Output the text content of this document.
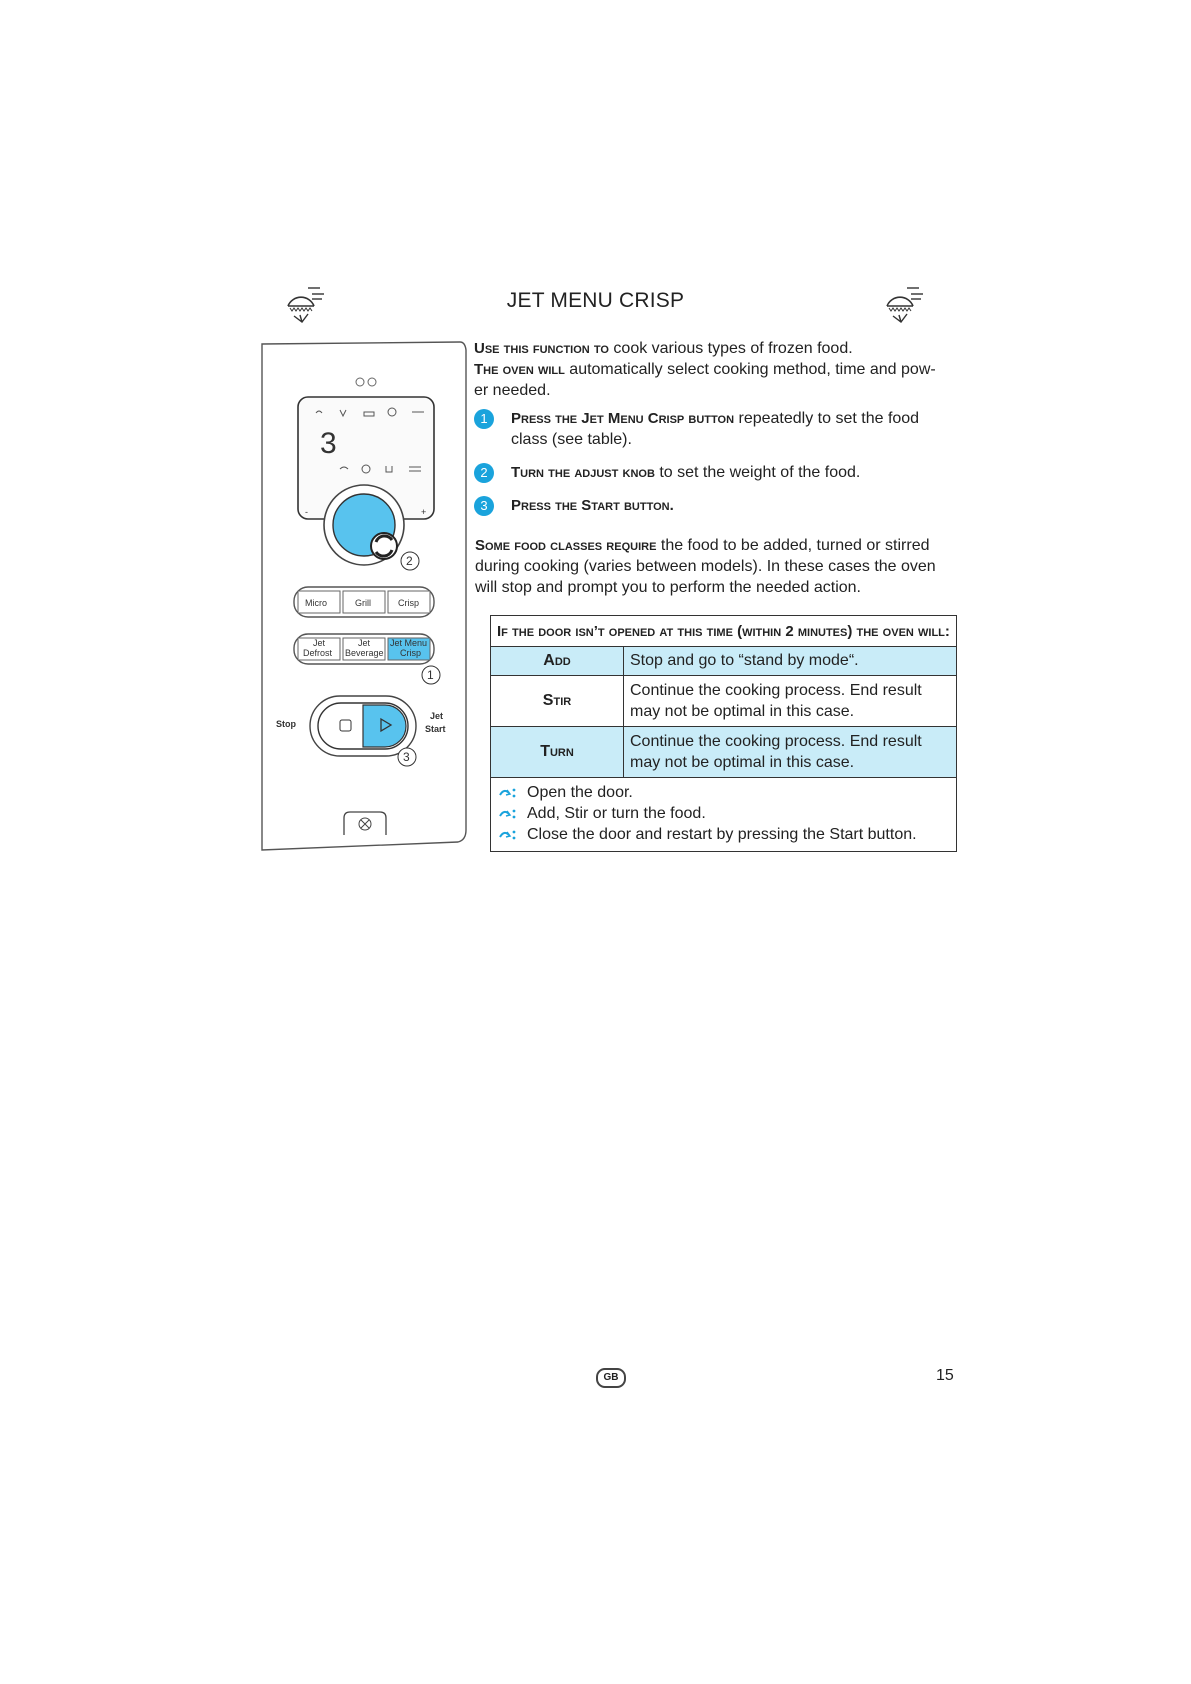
JET MENU CRISP
Use this function to cook various types of frozen food.
The oven will automatically select cooking method, time and pow-er needed.
1	Press the Jet Menu Crisp button repeatedly to set the food class (see table).
2	Turn the adjust knob to set the weight of the food.
3	Press the Start button.
Some food classes require the food to be added, turned or stirred during cooking (varies between models). In these cases the oven will stop and prompt you to perform the needed action.
If the door isn’t opened at this time (within 2 minutes) the oven will:	
Add	Stop and go to “stand by mode“.
Stir	Continue the cooking process. End result may not be optimal in this case.
Turn	Continue the cooking process. End result may not be optimal in this case.

Open the door.
Add, Stir or turn the food.
Close the door and restart by pressing the Start button.	
3
-	+
2
Micro	Grill	Crisp
Jet
Defrost
Jet
Beverage
Jet Menu
Crisp
1
Stop
Jet
Start
3
GB	15
